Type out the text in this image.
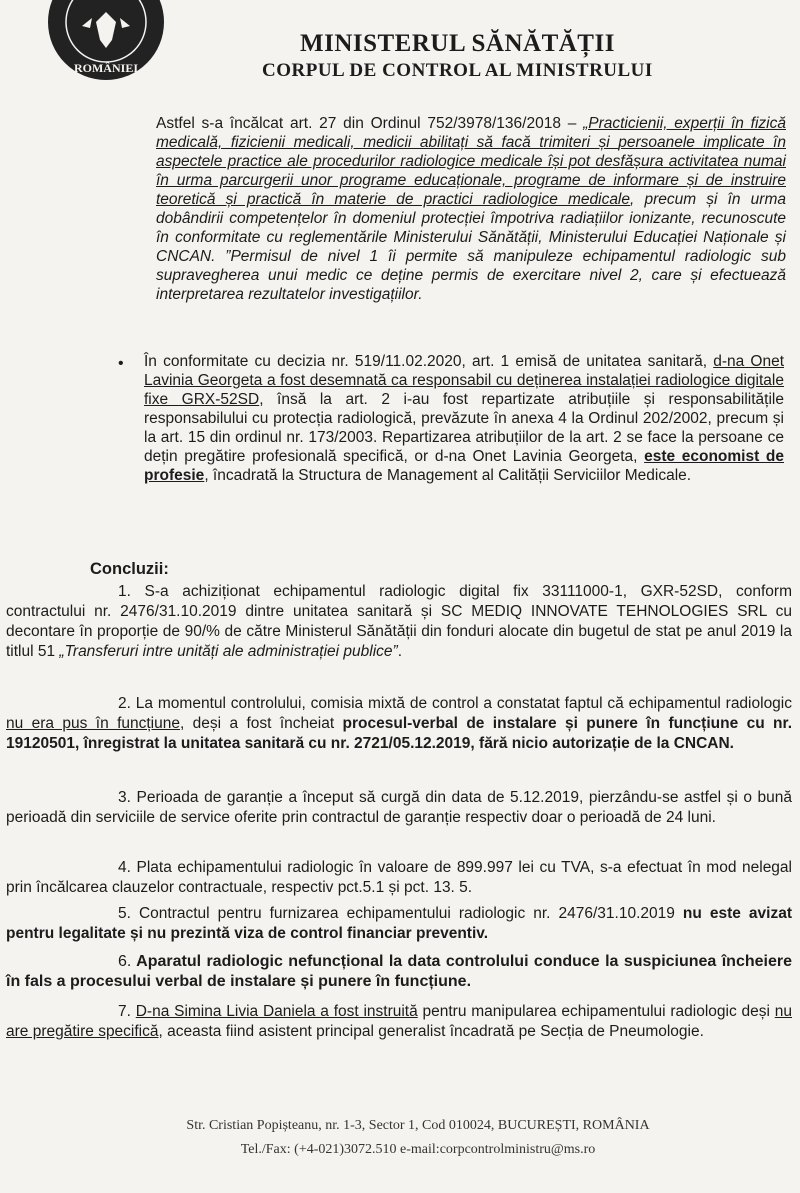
ROMÂNIEI
MINISTERUL SĂNĂTĂȚII
CORPUL DE CONTROL AL MINISTRULUI
Astfel s-a încălcat art. 27 din Ordinul 752/3978/136/2018 – „Practicienii, experții în fizică medicală, fizicienii medicali, medicii abilitați să facă trimiteri și persoanele implicate în aspectele practice ale procedurilor radiologice medicale își pot desfășura activitatea numai în urma parcurgerii unor programe educaționale, programe de informare și de instruire teoretică și practică în materie de practici radiologice medicale, precum și în urma dobândirii competențelor în domeniul protecției împotriva radiațiilor ionizante, recunoscute în conformitate cu reglementările Ministerului Sănătății, Ministerului Educației Naționale și CNCAN. ”Permisul de nivel 1 îi permite să manipuleze echipamentul radiologic sub supravegherea unui medic ce deține permis de exercitare nivel 2, care și efectuează interpretarea rezultatelor investigațiilor.
• În conformitate cu decizia nr. 519/11.02.2020, art. 1 emisă de unitatea sanitară, d-na Onet Lavinia Georgeta a fost desemnată ca responsabil cu deținerea instalației radiologice digitale fixe GRX-52SD, însă la art. 2 i-au fost repartizate atribuțiile și responsabilitățile responsabilului cu protecția radiologică, prevăzute în anexa 4 la Ordinul 202/2002, precum și la art. 15 din ordinul nr. 173/2003. Repartizarea atribuțiilor de la art. 2 se face la persoane ce dețin pregătire profesională specifică, or d-na Onet Lavinia Georgeta, este economist de profesie, încadrată la Structura de Management al Calității Serviciilor Medicale.
Concluzii:
1. S-a achiziționat echipamentul radiologic digital fix 33111000-1, GXR-52SD, conform contractului nr. 2476/31.10.2019 dintre unitatea sanitară și SC MEDIQ INNOVATE TEHNOLOGIES SRL cu decontare în proporție de 90/% de către Ministerul Sănătății din fonduri alocate din bugetul de stat pe anul 2019 la titlul 51 „Transferuri intre unități ale administrației publice”.
2. La momentul controlului, comisia mixtă de control a constatat faptul că echipamentul radiologic nu era pus în funcțiune, deși a fost încheiat procesul-verbal de instalare și punere în funcțiune cu nr. 19120501, înregistrat la unitatea sanitară cu nr. 2721/05.12.2019, fără nicio autorizație de la CNCAN.
3. Perioada de garanție a început să curgă din data de 5.12.2019, pierzându-se astfel și o bună perioadă din serviciile de service oferite prin contractul de garanție respectiv doar o perioadă de 24 luni.
4. Plata echipamentului radiologic în valoare de 899.997 lei cu TVA, s-a efectuat în mod nelegal prin încălcarea clauzelor contractuale, respectiv pct.5.1 și pct. 13. 5.
5. Contractul pentru furnizarea echipamentului radiologic nr. 2476/31.10.2019 nu este avizat pentru legalitate și nu prezintă viza de control financiar preventiv.
6. Aparatul radiologic nefuncțional la data controlului conduce la suspiciunea încheiere în fals a procesului verbal de instalare și punere în funcțiune.
7. D-na Simina Livia Daniela a fost instruită pentru manipularea echipamentului radiologic deși nu are pregătire specifică, aceasta fiind asistent principal generalist încadrată pe Secția de Pneumologie.
Str. Cristian Popișteanu, nr. 1-3, Sector 1, Cod 010024, BUCUREȘTI, ROMÂNIA
Tel./Fax: (+4-021)3072.510 e-mail:corpcontrolministru@ms.ro
